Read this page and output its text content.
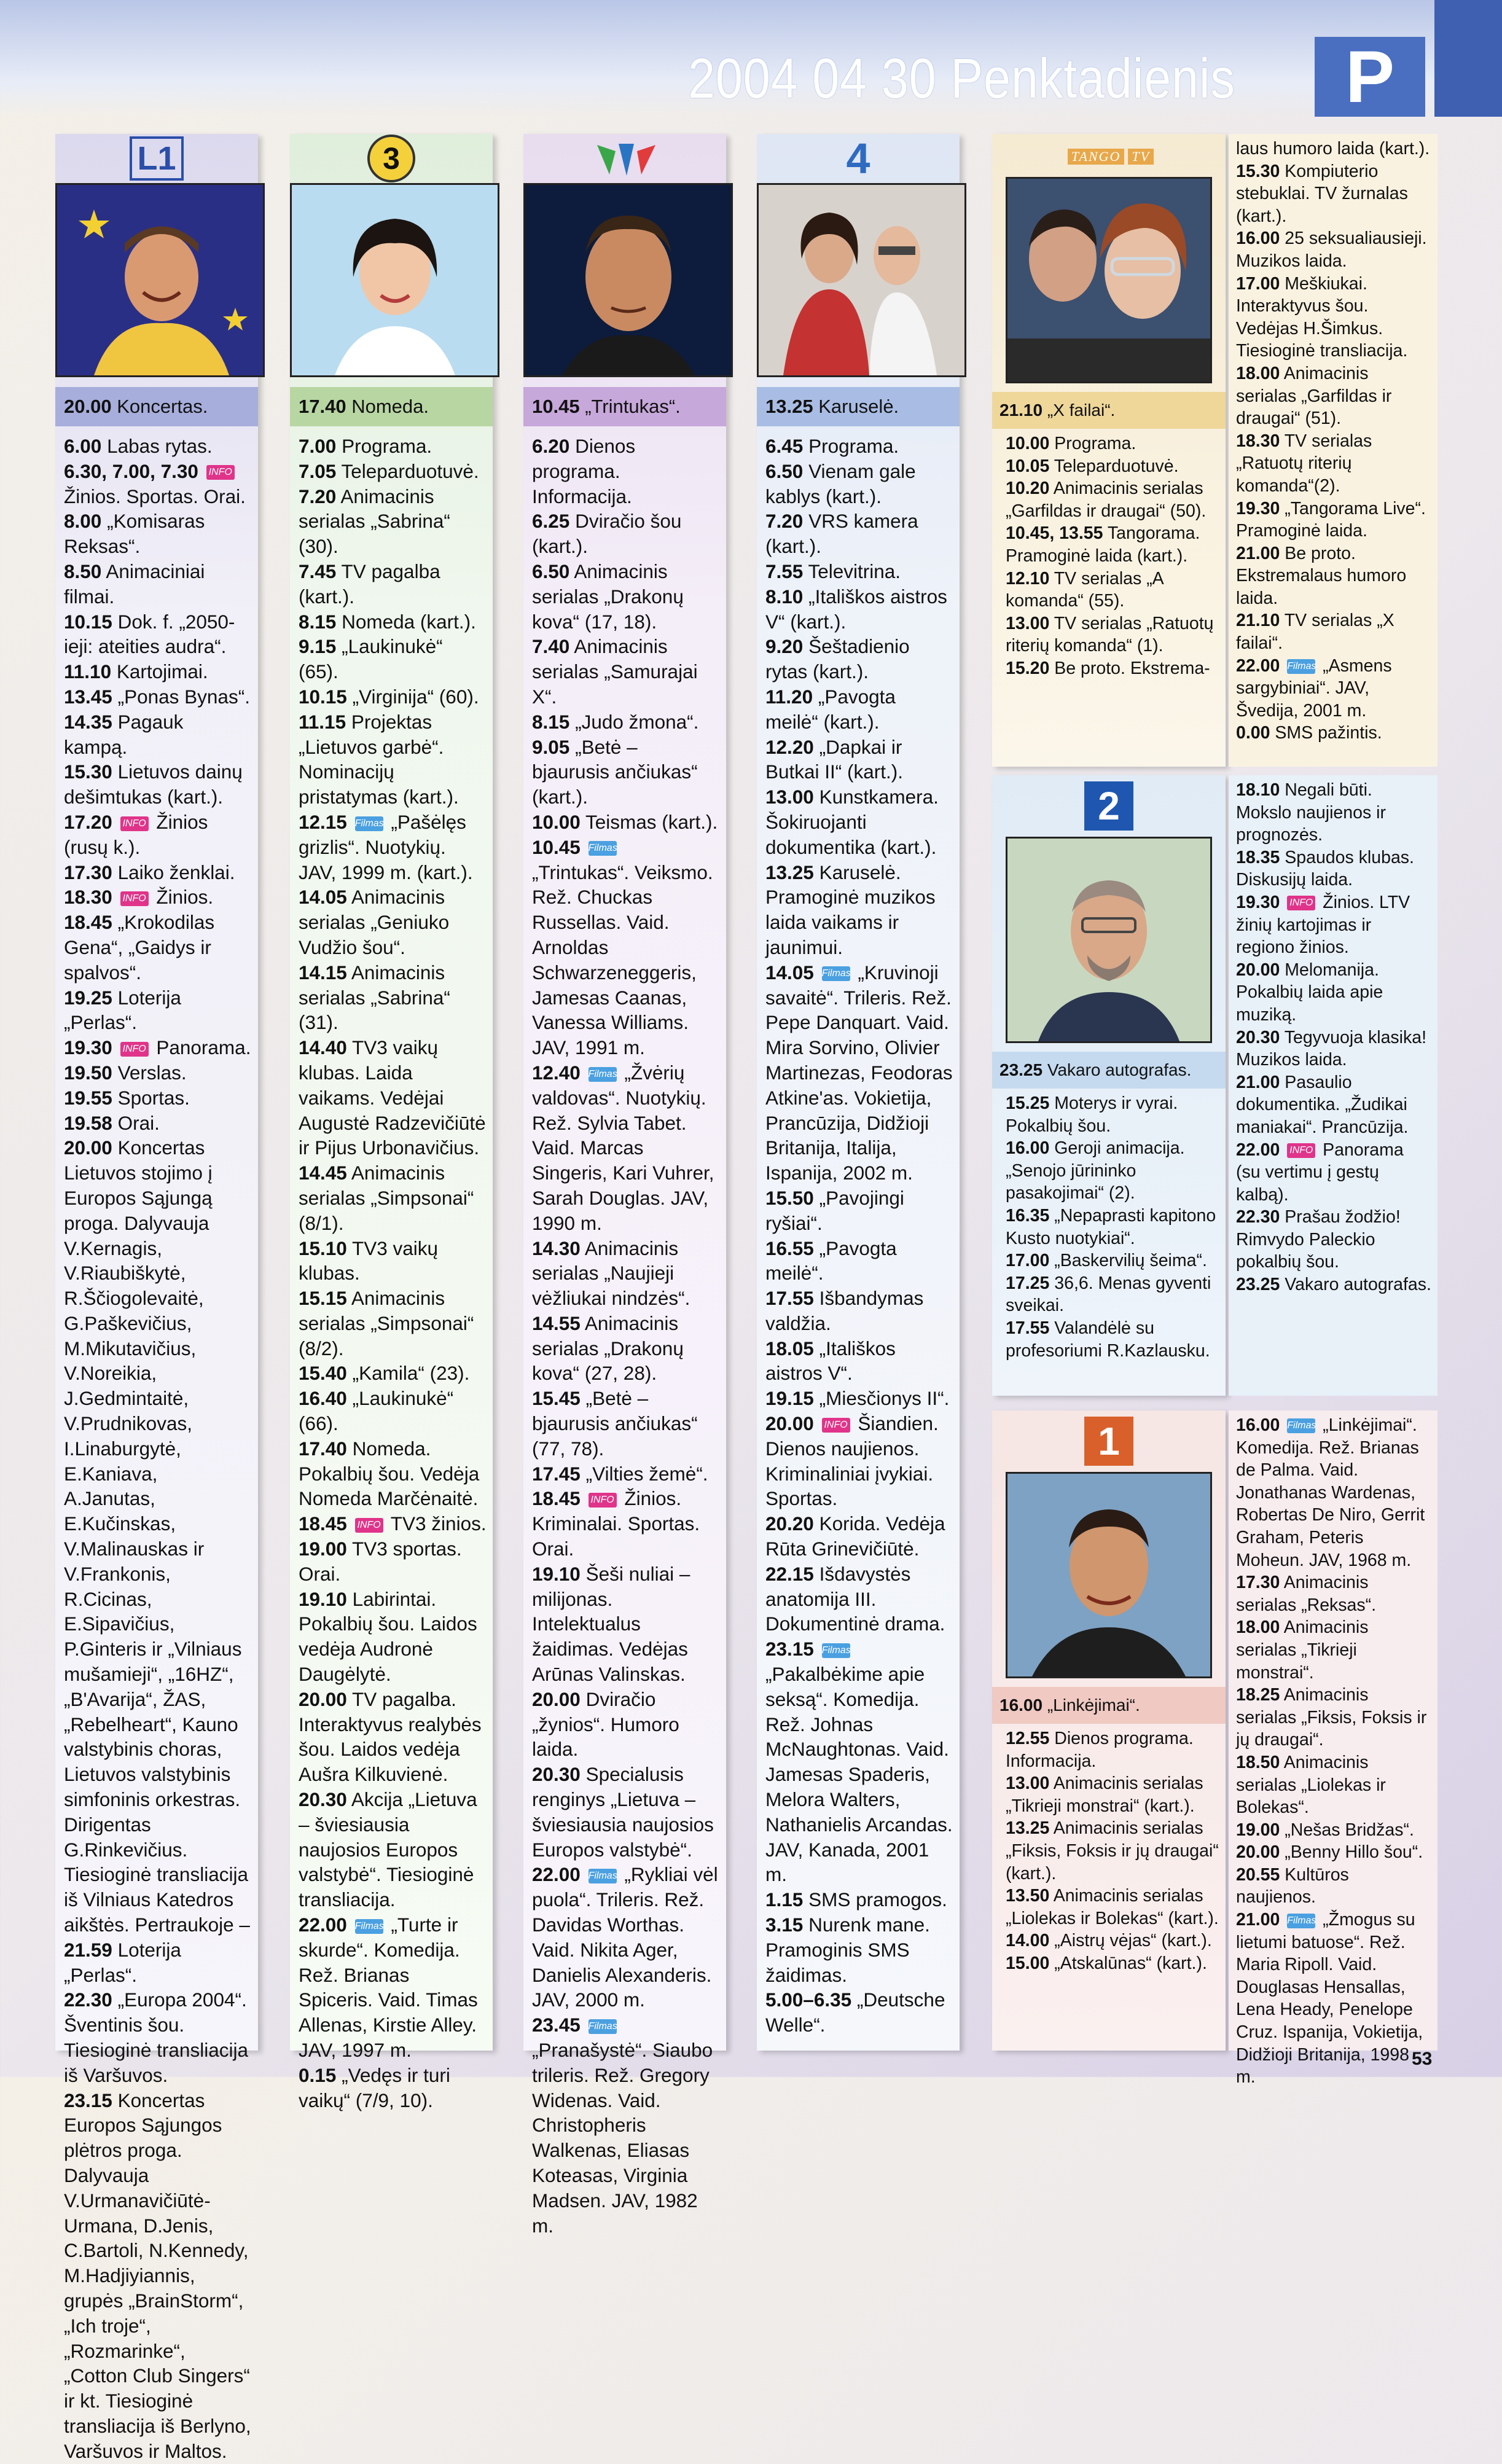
2004 04 30 Penktadienis	P
L1
20.00 Koncertas.
6.00 Labas rytas.
6.30, 7.00, 7.30 INFO Žinios. Sportas. Orai.
8.00 „Komisaras Reksas“.
8.50 Animaciniai filmai.
10.15 Dok. f. „2050-ieji: ateities audra“.
11.10 Kartojimai.
13.45 „Ponas Bynas“.
14.35 Pagauk kampą.
15.30 Lietuvos dainų dešimtukas (kart.).
17.20 INFO Žinios (rusų k.).
17.30 Laiko ženklai.
18.30 INFO Žinios.
18.45 „Krokodilas Gena“, „Gaidys ir spalvos“.
19.25 Loterija „Perlas“.
19.30 INFO Panorama.
19.50 Verslas.
19.55 Sportas.
19.58 Orai.
20.00 Koncertas Lietuvos stojimo į Europos Sąjungą proga. Dalyvauja V.Kernagis, V.Riaubiškytė, R.Ščiogolevaitė, G.Paškevičius, M.Mikutavičius, V.Noreikia, J.Gedmintaitė, V.Prudnikovas, I.Linaburgytė, E.Kaniava, A.Janutas, E.Kučinskas, V.Malinauskas ir V.Frankonis, R.Cicinas, E.Sipavičius, P.Ginteris ir „Vilniaus mušamieji“, „16HZ“, „B'Avarija“, ŽAS, „Rebelheart“, Kauno valstybinis choras, Lietuvos valstybinis simfoninis orkestras. Dirigentas G.Rinkevičius. Tiesioginė transliacija iš Vilniaus Katedros aikštės. Pertraukoje –
21.59 Loterija „Perlas“.
22.30 „Europa 2004“. Šventinis šou. Tiesioginė transliacija iš Varšuvos.
23.15 Koncertas Europos Sąjungos plėtros proga. Dalyvauja V.Urmanavičiūtė-Urmana, D.Jenis, C.Bartoli, N.Kennedy, M.Hadjiyiannis, grupės „BrainStorm“, „Ich troje“, „Rozmarinke“, „Cotton Club Singers“ ir kt. Tiesioginė transliacija iš Berlyno, Varšuvos ir Maltos.
3
17.40 Nomeda.
7.00 Programa.
7.05 Teleparduotuvė.
7.20 Animacinis serialas „Sabrina“ (30).
7.45 TV pagalba (kart.).
8.15 Nomeda (kart.).
9.15 „Laukinukė“ (65).
10.15 „Virginija“ (60).
11.15 Projektas „Lietuvos garbė“. Nominacijų pristatymas (kart.).
12.15 Filmas „Pašėlęs grizlis“. Nuotykių. JAV, 1999 m. (kart.).
14.05 Animacinis serialas „Geniuko Vudžio šou“.
14.15 Animacinis serialas „Sabrina“ (31).
14.40 TV3 vaikų klubas. Laida vaikams. Vedėjai Augustė Radzevičiūtė ir Pijus Urbonavičius.
14.45 Animacinis serialas „Simpsonai“ (8/1).
15.10 TV3 vaikų klubas.
15.15 Animacinis serialas „Simpsonai“ (8/2).
15.40 „Kamila“ (23).
16.40 „Laukinukė“ (66).
17.40 Nomeda. Pokalbių šou. Vedėja Nomeda Marčėnaitė.
18.45 INFO TV3 žinios.
19.00 TV3 sportas. Orai.
19.10 Labirintai. Pokalbių šou. Laidos vedėja Audronė Daugėlytė.
20.00 TV pagalba. Interaktyvus realybės šou. Laidos vedėja Aušra Kilkuvienė.
20.30 Akcija „Lietuva – šviesiausia naujosios Europos valstybė“. Tiesioginė transliacija.
22.00 Filmas „Turte ir skurde“. Komedija. Rež. Brianas Spiceris. Vaid. Timas Allenas, Kirstie Alley. JAV, 1997 m.
0.15 „Vedęs ir turi vaikų“ (7/9, 10).
10.45 „Trintukas“.
6.20 Dienos programa. Informacija.
6.25 Dviračio šou (kart.).
6.50 Animacinis serialas „Drakonų kova“ (17, 18).
7.40 Animacinis serialas „Samurajai X“.
8.15 „Judo žmona“.
9.05 „Betė – bjaurusis ančiukas“ (kart.).
10.00 Teismas (kart.).
10.45 Filmas „Trintukas“. Veiksmo. Rež. Chuckas Russellas. Vaid. Arnoldas Schwarzeneggeris, Jamesas Caanas, Vanessa Williams. JAV, 1991 m.
12.40 Filmas „Žvėrių valdovas“. Nuotykių. Rež. Sylvia Tabet. Vaid. Marcas Singeris, Kari Vuhrer, Sarah Douglas. JAV, 1990 m.
14.30 Animacinis serialas „Naujieji vėžliukai nindzės“.
14.55 Animacinis serialas „Drakonų kova“ (27, 28).
15.45 „Betė – bjaurusis ančiukas“ (77, 78).
17.45 „Vilties žemė“.
18.45 INFO Žinios. Kriminalai. Sportas. Orai.
19.10 Šeši nuliai – milijonas. Intelektualus žaidimas. Vedėjas Arūnas Valinskas.
20.00 Dviračio „žynios“. Humoro laida.
20.30 Specialusis renginys „Lietuva – šviesiausia naujosios Europos valstybė“.
22.00 Filmas „Rykliai vėl puola“. Trileris. Rež. Davidas Worthas. Vaid. Nikita Ager, Danielis Alexanderis. JAV, 2000 m.
23.45 Filmas „Pranašystė“. Siaubo trileris. Rež. Gregory Widenas. Vaid. Christopheris Walkenas, Eliasas Koteasas, Virginia Madsen. JAV, 1982 m.
4
13.25 Karuselė.
6.45 Programa.
6.50 Vienam gale kablys (kart.).
7.20 VRS kamera (kart.).
7.55 Televitrina.
8.10 „Itališkos aistros V“ (kart.).
9.20 Šeštadienio rytas (kart.).
11.20 „Pavogta meilė“ (kart.).
12.20 „Dapkai ir Butkai II“ (kart.).
13.00 Kunstkamera. Šokiruojanti dokumentika (kart.).
13.25 Karuselė. Pramoginė muzikos laida vaikams ir jaunimui.
14.05 Filmas „Kruvinoji savaitė“. Trileris. Rež. Pepe Danquart. Vaid. Mira Sorvino, Olivier Martinezas, Feodoras Atkine'as. Vokietija, Prancūzija, Didžioji Britanija, Italija, Ispanija, 2002 m.
15.50 „Pavojingi ryšiai“.
16.55 „Pavogta meilė“.
17.55 Išbandymas valdžia.
18.05 „Itališkos aistros V“.
19.15 „Miesčionys II“.
20.00 INFO Šiandien. Dienos naujienos. Kriminaliniai įvykiai. Sportas.
20.20 Korida. Vedėja Rūta Grinevičiūtė.
22.15 Išdavystės anatomija III. Dokumentinė drama.
23.15 Filmas „Pakalbėkime apie seksą“. Komedija. Rež. Johnas McNaughtonas. Vaid. Jamesas Spaderis, Melora Walters, Nathanielis Arcandas. JAV, Kanada, 2001 m.
1.15 SMS pramogos.
3.15 Nurenk mane. Pramoginis SMS žaidimas.
5.00–6.35 „Deutsche Welle“.
TANGO TV
21.10 „X failai“.
10.00 Programa.
10.05 Teleparduotuvė.
10.20 Animacinis serialas „Garfildas ir draugai“ (50).
10.45, 13.55 Tangorama. Pramoginė laida (kart.).
12.10 TV serialas „A komanda“ (55).
13.00 TV serialas „Ratuotų riterių komanda“ (1).
15.20 Be proto. Ekstrema-
laus humoro laida (kart.).
15.30 Kompiuterio stebuklai. TV žurnalas (kart.).
16.00 25 seksualiausieji. Muzikos laida.
17.00 Meškiukai. Interaktyvus šou. Vedėjas H.Šimkus. Tiesioginė transliacija.
18.00 Animacinis serialas „Garfildas ir draugai“ (51).
18.30 TV serialas „Ratuotų riterių komanda“(2).
19.30 „Tangorama Live“. Pramoginė laida.
21.00 Be proto. Ekstremalaus humoro laida.
21.10 TV serialas „X failai“.
22.00 Filmas „Asmens sargybiniai“. JAV, Švedija, 2001 m.
0.00 SMS pažintis.
2
23.25 Vakaro autografas.
15.25 Moterys ir vyrai. Pokalbių šou.
16.00 Geroji animacija. „Senojo jūrininko pasakojimai“ (2).
16.35 „Nepaprasti kapitono Kusto nuotykiai“.
17.00 „Baskervilių šeima“.
17.25 36,6. Menas gyventi sveikai.
17.55 Valandėlė su profesoriumi R.Kazlausku.
18.10 Negali būti. Mokslo naujienos ir prognozės.
18.35 Spaudos klubas. Diskusijų laida.
19.30 INFO Žinios. LTV žinių kartojimas ir regiono žinios.
20.00 Melomanija. Pokalbių laida apie muziką.
20.30 Tegyvuoja klasika! Muzikos laida.
21.00 Pasaulio dokumentika. „Žudikai maniakai“. Prancūzija.
22.00 INFO Panorama (su vertimu į gestų kalbą).
22.30 Prašau žodžio! Rimvydo Paleckio pokalbių šou.
23.25 Vakaro autografas.
1
16.00 „Linkėjimai“.
12.55 Dienos programa. Informacija.
13.00 Animacinis serialas „Tikrieji monstrai“ (kart.).
13.25 Animacinis serialas „Fiksis, Foksis ir jų draugai“ (kart.).
13.50 Animacinis serialas „Liolekas ir Bolekas“ (kart.).
14.00 „Aistrų vėjas“ (kart.).
15.00 „Atskalūnas“ (kart.).
16.00 Filmas „Linkėjimai“. Komedija. Rež. Brianas de Palma. Vaid. Jonathanas Wardenas, Robertas De Niro, Gerrit Graham, Peteris Moheun. JAV, 1968 m.
17.30 Animacinis serialas „Reksas“.
18.00 Animacinis serialas „Tikrieji monstrai“.
18.25 Animacinis serialas „Fiksis, Foksis ir jų draugai“.
18.50 Animacinis serialas „Liolekas ir Bolekas“.
19.00 „Nešas Bridžas“.
20.00 „Benny Hillo šou“.
20.55 Kultūros naujienos.
21.00 Filmas „Žmogus su lietumi batuose“. Rež. Maria Ripoll. Vaid. Douglasas Hensallas, Lena Heady, Penelope Cruz. Ispanija, Vokietija, Didžioji Britanija, 1998 m.
53
